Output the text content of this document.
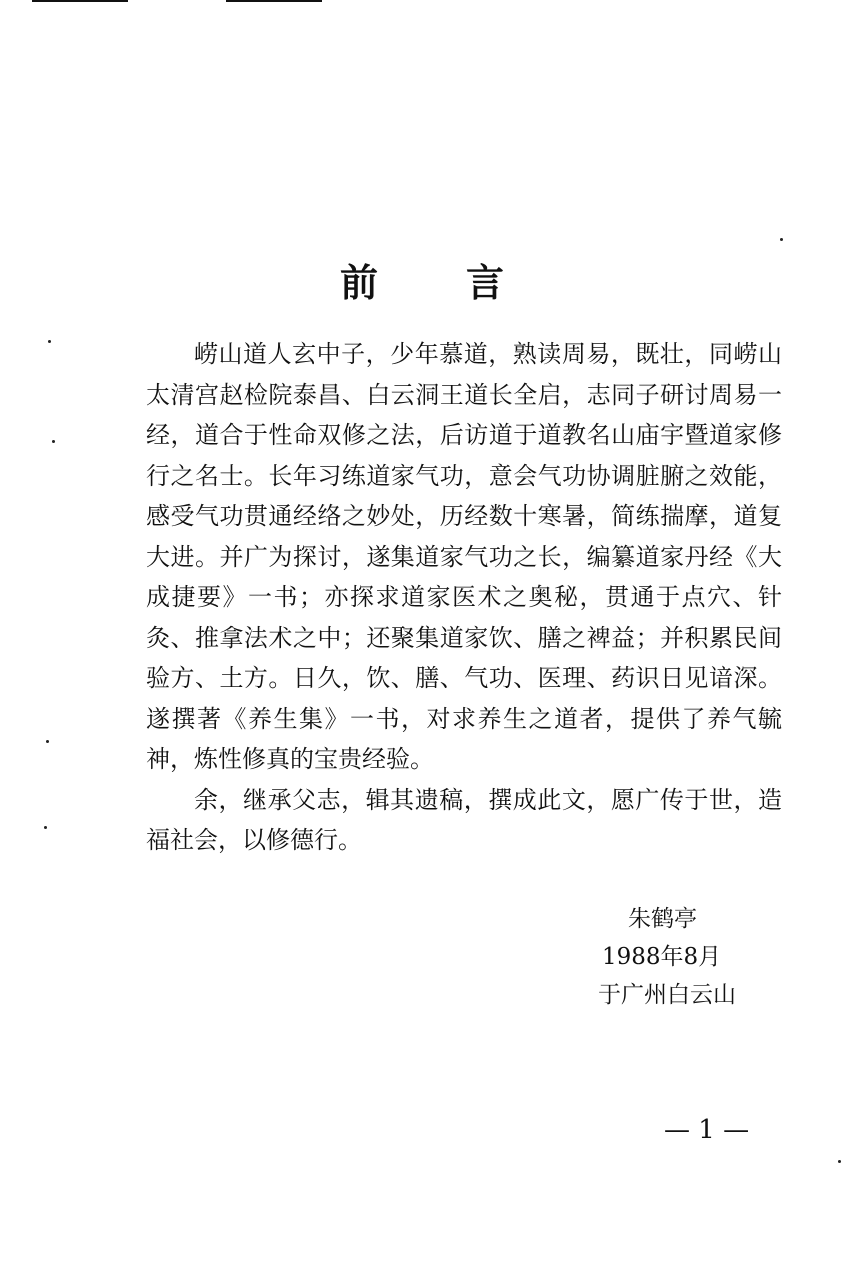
前 言

崂山道人玄中子，少年慕道，熟读周易，既壮，同崂山太清宫赵检院泰昌、白云洞王道长全启，志同子研讨周易一经，道合于性命双修之法，后访道于道教名山庙宇暨道家修行之名士。长年习练道家气功，意会气功协调脏腑之效能，感受气功贯通经络之妙处，历经数十寒暑，简练揣摩，道复大进。并广为探讨，遂集道家气功之长，编纂道家丹经《大成捷要》一书；亦探求道家医术之奥秘，贯通于点穴、针灸、推拿法术之中；还聚集道家饮、膳之裨益；并积累民间验方、土方。日久，饮、膳、气功、医理、药识日见谙深。遂撰著《养生集》一书，对求养生之道者，提供了养气毓神，炼性修真的宝贵经验。

余，继承父志，辑其遗稿，撰成此文，愿广传于世，造福社会，以修德行。

朱鹤亭
1988年8月
于广州白云山
— 1 —
